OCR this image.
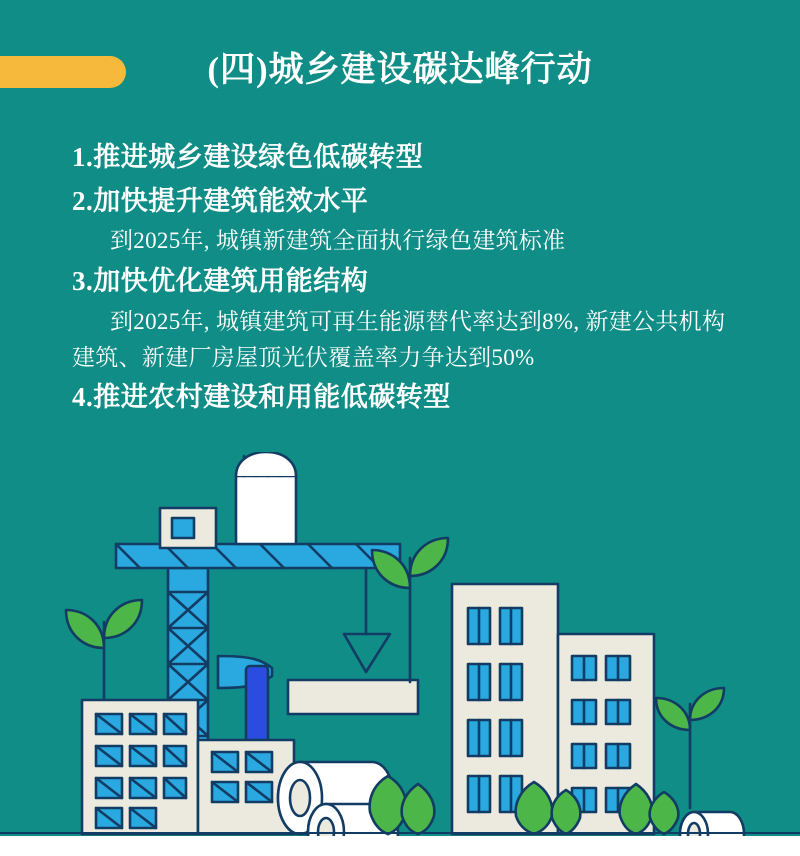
(四)城乡建设碳达峰行动
1.推进城乡建设绿色低碳转型
2.加快提升建筑能效水平
到2025年, 城镇新建筑全面执行绿色建筑标准
3.加快优化建筑用能结构
到2025年, 城镇建筑可再生能源替代率达到8%, 新建公共机构
建筑、新建厂房屋顶光伏覆盖率力争达到50%
4.推进农村建设和用能低碳转型
